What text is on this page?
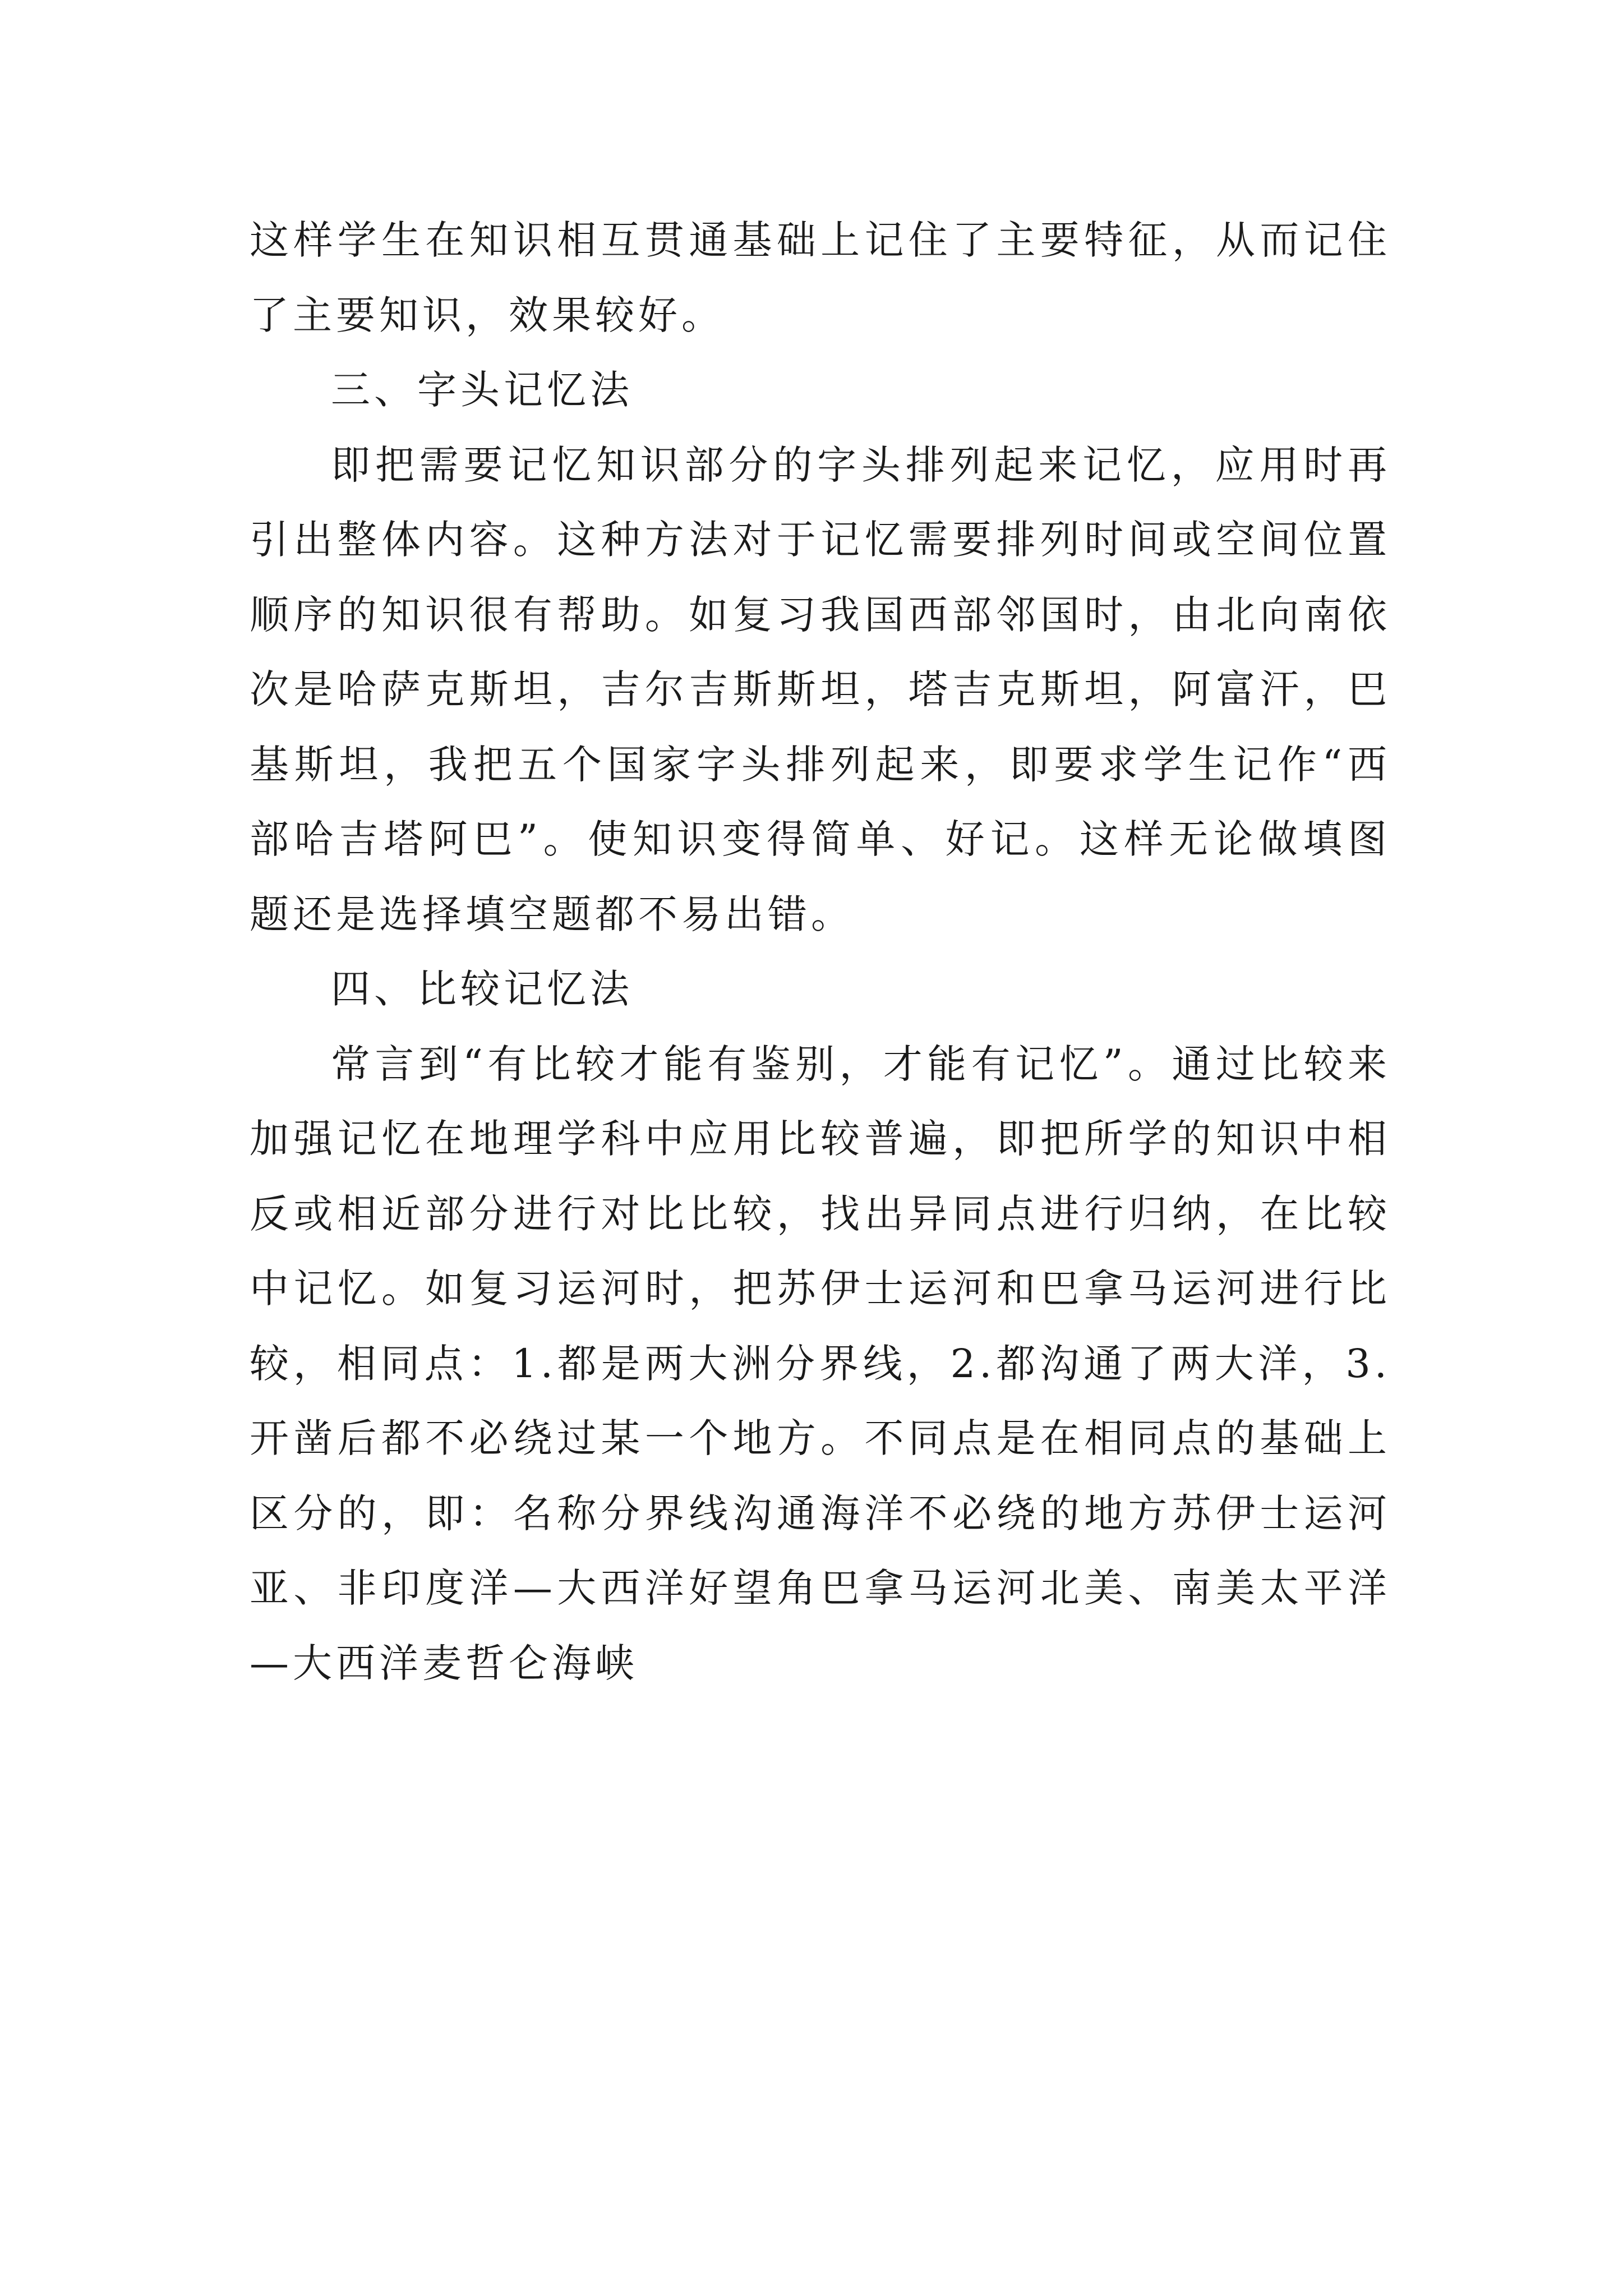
这样学生在知识相互贯通基础上记住了主要特征，从而记住了主要知识，效果较好。

三、字头记忆法

即把需要记忆知识部分的字头排列起来记忆，应用时再引出整体内容。这种方法对于记忆需要排列时间或空间位置顺序的知识很有帮助。如复习我国西部邻国时，由北向南依次是哈萨克斯坦，吉尔吉斯斯坦，塔吉克斯坦，阿富汗，巴基斯坦，我把五个国家字头排列起来，即要求学生记作“西部哈吉塔阿巴”。使知识变得简单、好记。这样无论做填图题还是选择填空题都不易出错。

四、比较记忆法

常言到“有比较才能有鉴别，才能有记忆”。通过比较来加强记忆在地理学科中应用比较普遍，即把所学的知识中相反或相近部分进行对比比较，找出异同点进行归纳，在比较中记忆。如复习运河时，把苏伊士运河和巴拿马运河进行比较，相同点：1.都是两大洲分界线，2.都沟通了两大洋，3.开凿后都不必绕过某一个地方。不同点是在相同点的基础上区分的，即：名称分界线沟通海洋不必绕的地方苏伊士运河亚、非印度洋—大西洋好望角巴拿马运河北美、南美太平洋—大西洋麦哲仑海峡
